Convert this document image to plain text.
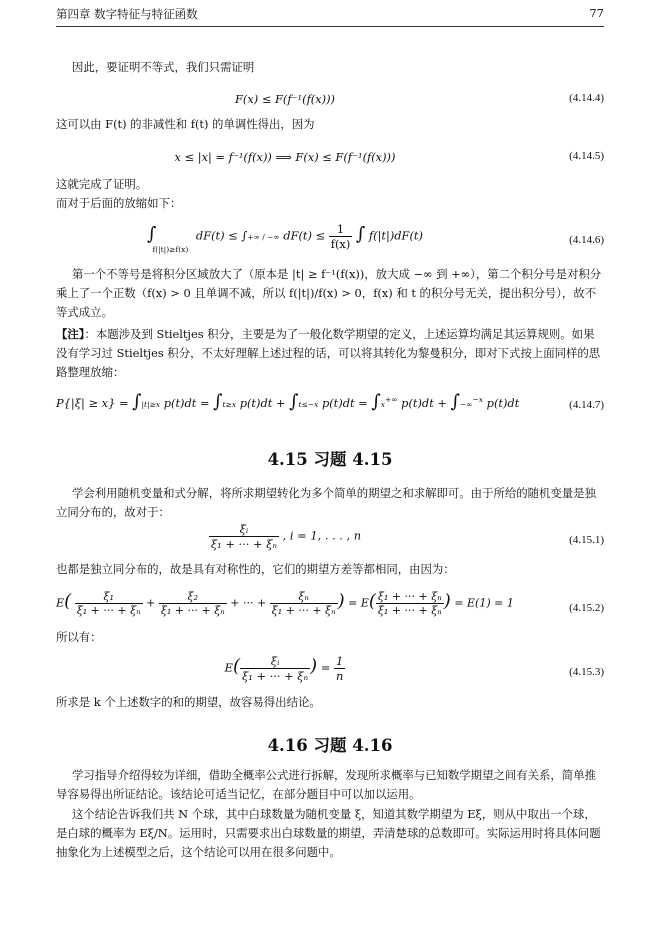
第四章 数字特征与特征函数	77
因此，要证明不等式，我们只需证明
F(x) ≤ F(f⁻¹(f(x)))	(4.14.4)
这可以由 F(t) 的非减性和 f(t) 的单调性得出，因为
x ≤ |x| = f⁻¹(f(x)) ⟹ F(x) ≤ F(f⁻¹(f(x)))	(4.14.5)
这就完成了证明。
而对于后面的放缩如下：
$\int_{f(|t|)\ge f(x)}$ dF(t) ≤ ∫+∞ / −∞ $dF(t) \le \frac{1}{f(x)}$ ∫ f(|t|)dF(t)	(4.14.6)
第一个不等号是将积分区域放大了（原本是 |t| ≥ f⁻¹(f(x))，放大成 −∞ 到 +∞），第二个积分号是对积分乘上了一个正数（f(x) > 0 且单调不减，所以 f(|t|)/f(x) > 0，f(x) 和 t 的积分号无关，提出积分号），故不等式成立。
【注】：本题涉及到 Stieltjes 积分，主要是为了一般化数学期望的定义，上述运算均满足其运算规则。如果没有学习过 Stieltjes 积分，不太好理解上述过程的话，可以将其转化为黎曼积分，即对下式按上面同样的思路整理放缩：
P{|ξ| ≥ x} = ∫|t|≥x p(t)dt = ∫t≥x p(t)dt + ∫t≤−x p(t)dt = ∫x+∞ p(t)dt + ∫−∞$^{-x}$ p(t)dt	(4.14.7)
4.15 习题 4.15
学会利用随机变量和式分解，将所求期望转化为多个简单的期望之和求解即可。由于所给的随机变量是独立同分布的，故对于：
$\frac{\text{ξᵢ}}{\text{ξ₁ + ··· + ξₙ}}$ , i = 1, . . . , n	(4.15.1)
也都是独立同分布的，故是具有对称性的，它们的期望方差等都相同，由因为：
$E( \frac{\text{ξ₁}}{\text{ξ₁ + ··· + ξₙ}} + \frac{\text{ξ₂}}{\text{ξ₁ + ··· + ξₙ}}$ + ··· + $\frac{\text{ξₙ}}{\text{ξ₁ + ··· + ξₙ}}$ ) = $E( \frac{\text{ξ₁ + ··· + ξₙ}}{\text{ξ₁ + ··· + ξₙ}}$ ) = E(1) = 1	(4.15.2)
所以有：
$E( \frac{\text{ξᵢ}}{\text{ξ₁ + ··· + ξₙ}}$ ) = $\frac{1}{n}$	(4.15.3)
所求是 k 个上述数字的和的期望，故容易得出结论。
4.16 习题 4.16
学习指导介绍得较为详细，借助全概率公式进行拆解，发现所求概率与已知数学期望之间有关系，简单推导容易得出所证结论。该结论可适当记忆，在部分题目中可以加以运用。
这个结论告诉我们共 N 个球，其中白球数量为随机变量 ξ，知道其数学期望为 Eξ，则从中取出一个球，是白球的概率为 Eξ/N。运用时，只需要求出白球数量的期望，弄清楚球的总数即可。实际运用时将具体问题抽象化为上述模型之后，这个结论可以用在很多问题中。
